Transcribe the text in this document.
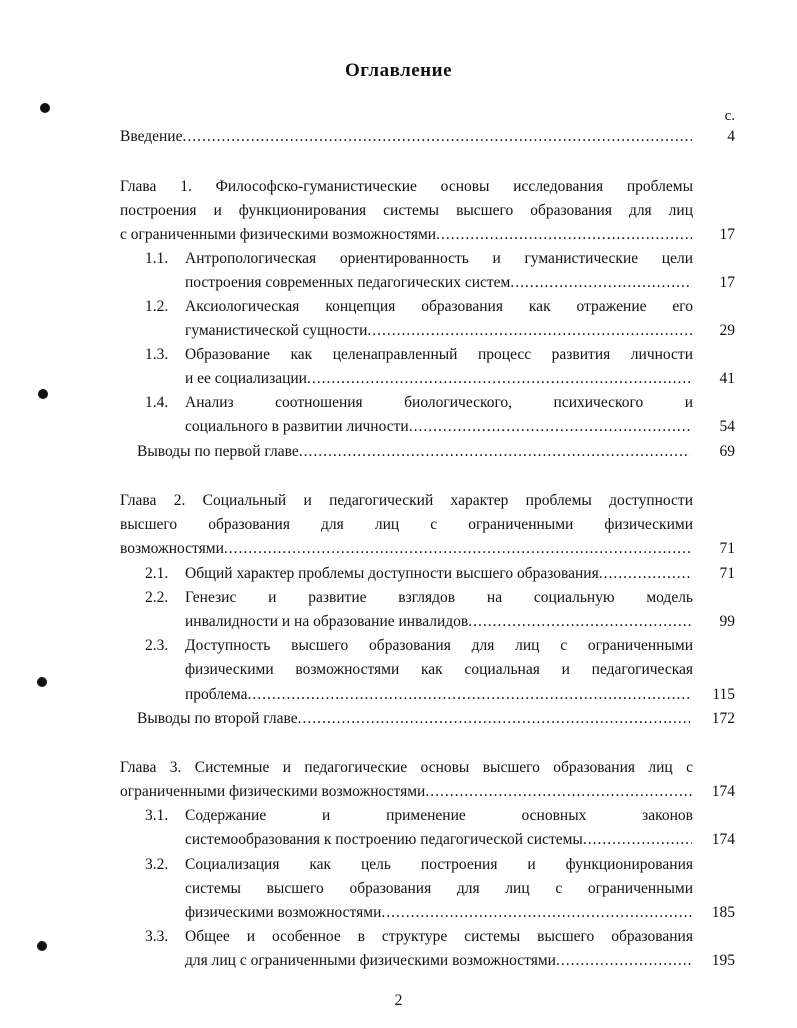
Оглавление
с.
Введение .....	4
Глава 1. Философско-гуманистические основы исследования проблемы
построения и функционирования системы высшего образования для лиц
с ограниченными физическими возможностями .....	17
1.1. Антропологическая ориентированность и гуманистические цели
построения современных педагогических систем .....	17
1.2. Аксиологическая концепция образования как отражение его
гуманистической сущности .....	29
1.3. Образование как целенаправленный процесс развития личности
и ее социализации .....	41
1.4. Анализ соотношения биологического, психического и
социального в развитии личности .....	54
Выводы по первой главе .....	69
Глава 2. Социальный и педагогический характер проблемы доступности
высшего образования для лиц с ограниченными физическими
возможностями .....	71
2.1. Общий характер проблемы доступности высшего образования .....	71
2.2. Генезис и развитие взглядов на социальную модель
инвалидности и на образование инвалидов .....	99
2.3. Доступность высшего образования для лиц с ограниченными
физическими возможностями как социальная и педагогическая
проблема .....	115
Выводы по второй главе .....	172
Глава 3. Системные и педагогические основы высшего образования лиц с
ограниченными физическими возможностями .....	174
3.1. Содержание и применение основных законов
системообразования к построению педагогической системы .....	174
3.2. Социализация как цель построения и функционирования
системы высшего образования для лиц с ограниченными
физическими возможностями .....	185
3.3. Общее и особенное в структуре системы высшего образования
для лиц с ограниченными физическими возможностями .....	195
2
